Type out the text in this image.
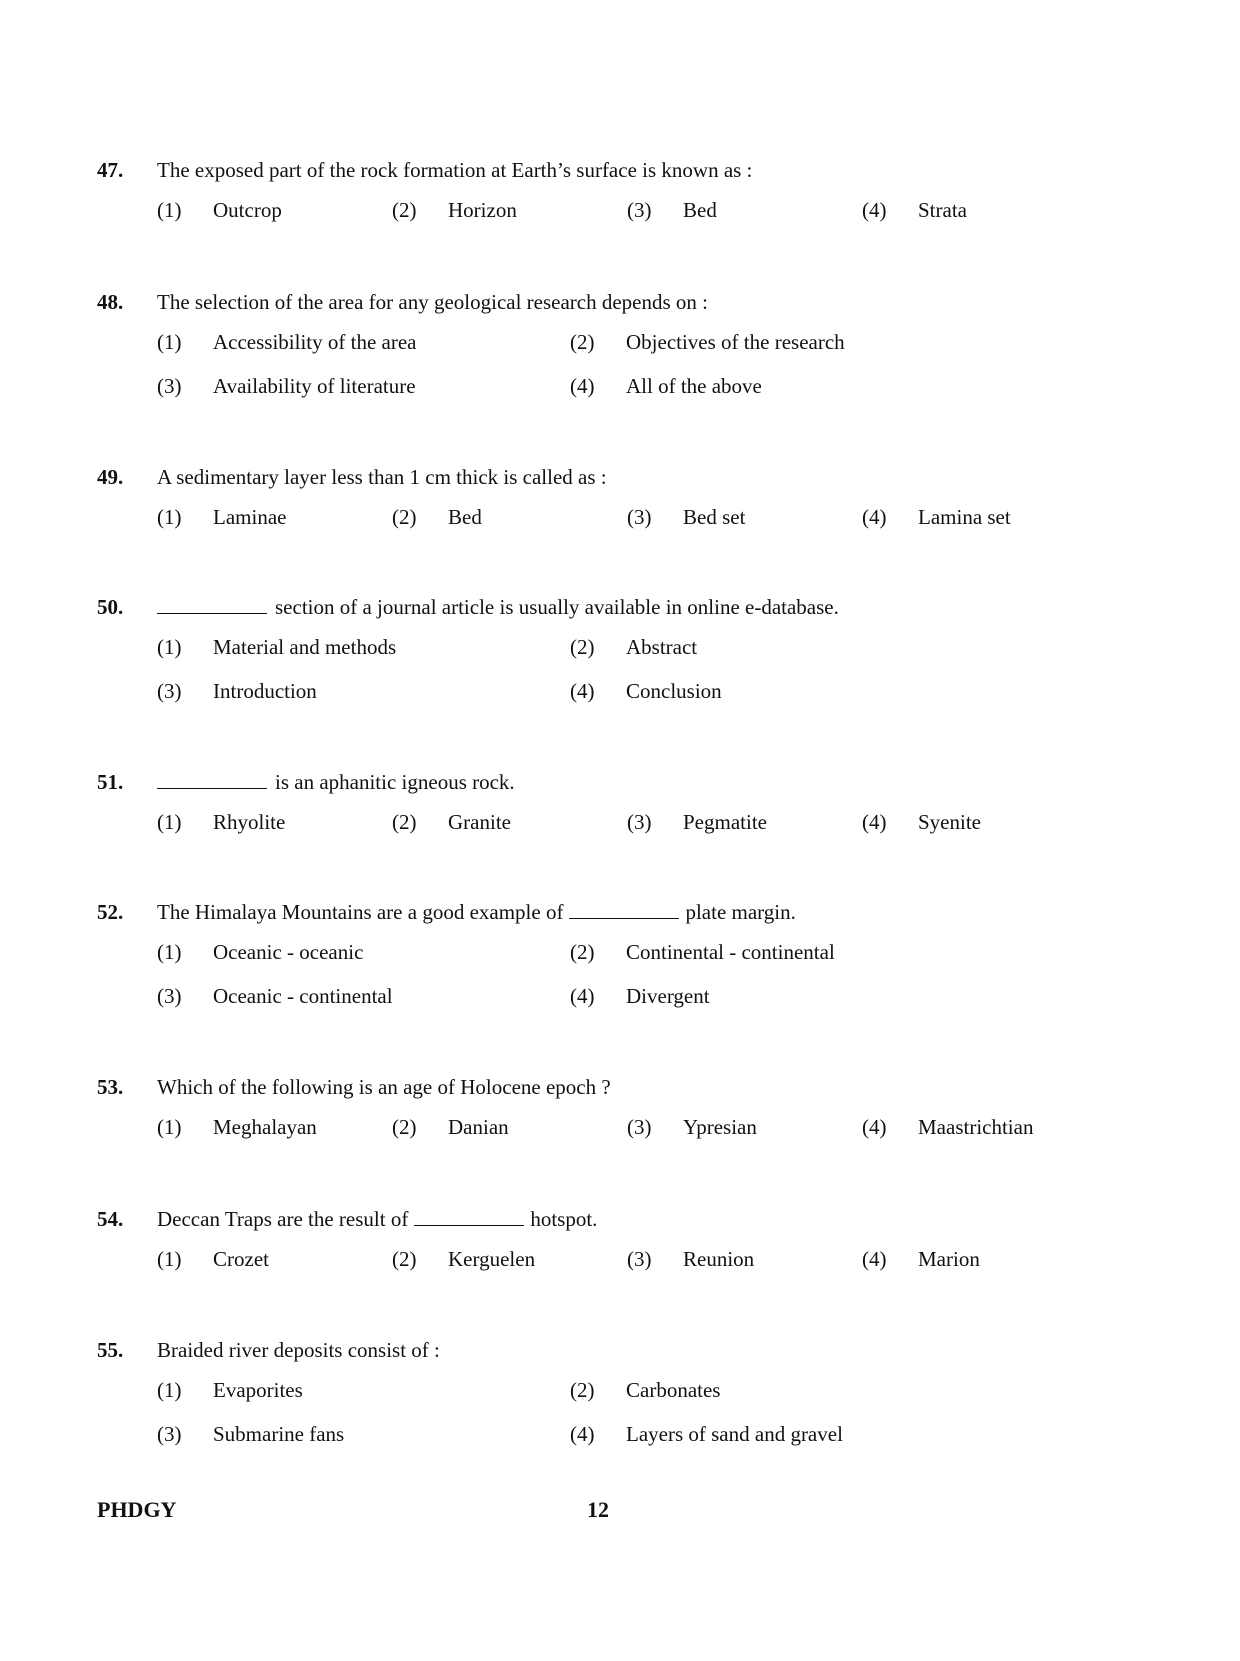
47. The exposed part of the rock formation at Earth’s surface is known as :
(1) Outcrop	(2) Horizon	(3) Bed	(4) Strata
48. The selection of the area for any geological research depends on :
(1) Accessibility of the area	(2) Objectives of the research
(3) Availability of literature	(4) All of the above
49. A sedimentary layer less than 1 cm thick is called as :
(1) Laminae	(2) Bed	(3) Bed set	(4) Lamina set
50.	section of a journal article is usually available in online e-database.
(1) Material and methods	(2) Abstract
(3) Introduction	(4) Conclusion
51.	is an aphanitic igneous rock.
(1) Rhyolite	(2) Granite	(3) Pegmatite	(4) Syenite
52. The Himalaya Mountains are a good example of	plate margin.
(1) Oceanic - oceanic	(2) Continental - continental
(3) Oceanic - continental	(4) Divergent
53. Which of the following is an age of Holocene epoch ?
(1) Meghalayan	(2) Danian	(3) Ypresian	(4) Maastrichtian
54. Deccan Traps are the result of	hotspot.
(1) Crozet	(2) Kerguelen	(3) Reunion	(4) Marion
55. Braided river deposits consist of :
(1) Evaporites	(2) Carbonates
(3) Submarine fans	(4) Layers of sand and gravel
PHDGY	12
